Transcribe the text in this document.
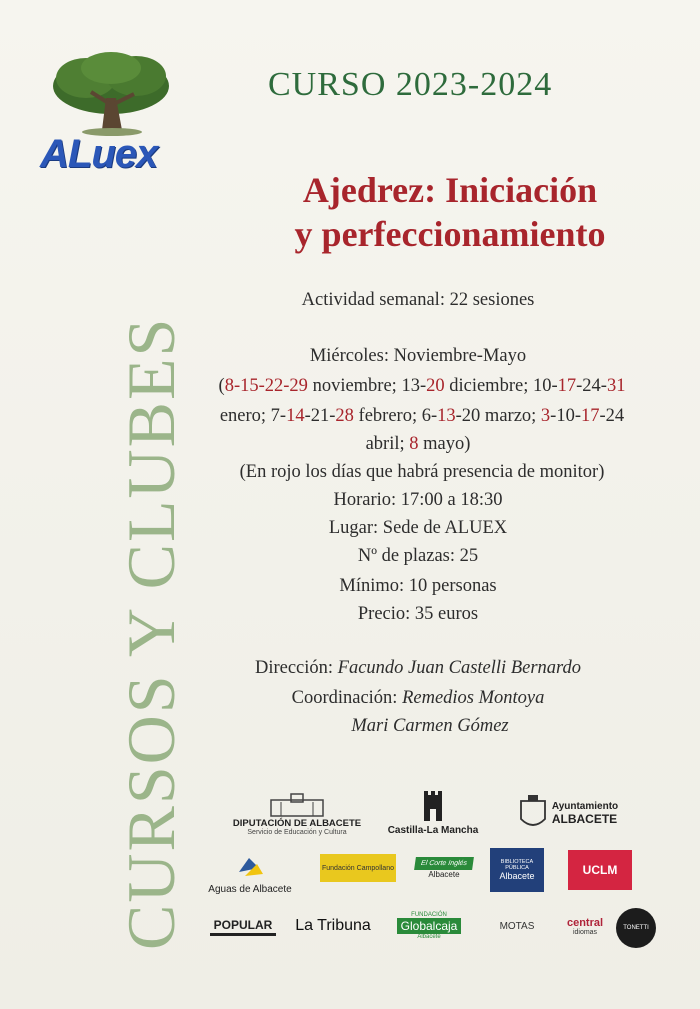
ALuex
CURSOS Y CLUBES
CURSO 2023-2024
Ajedrez: Iniciación
y perfeccionamiento
Actividad semanal: 22 sesiones
Miércoles: Noviembre-Mayo
(8-15-22-29 noviembre; 13-20 diciembre; 10-17-24-31
enero; 7-14-21-28 febrero; 6-13-20 marzo; 3-10-17-24
abril; 8 mayo)
(En rojo los días que habrá presencia de monitor)
Horario: 17:00 a 18:30
Lugar: Sede de ALUEX
Nº de plazas: 25
Mínimo: 10 personas
Precio: 35 euros
Dirección: Facundo Juan Castelli Bernardo
Coordinación: Remedios Montoya
Mari Carmen Gómez
DIPUTACIÓN DE ALBACETE
Servicio de Educación y Cultura	Castilla-La Mancha
Ayuntamiento
ALBACETE
Aguas de Albacete
Fundación Campollano
El Corte Inglés
Albacete
BIBLIOTECA PÚBLICA
Albacete	UCLM
POPULAR La Tribuna
FUNDACIÓN
Globalcaja
Albacete
MOTAS	central
idiomas
TONETTI
